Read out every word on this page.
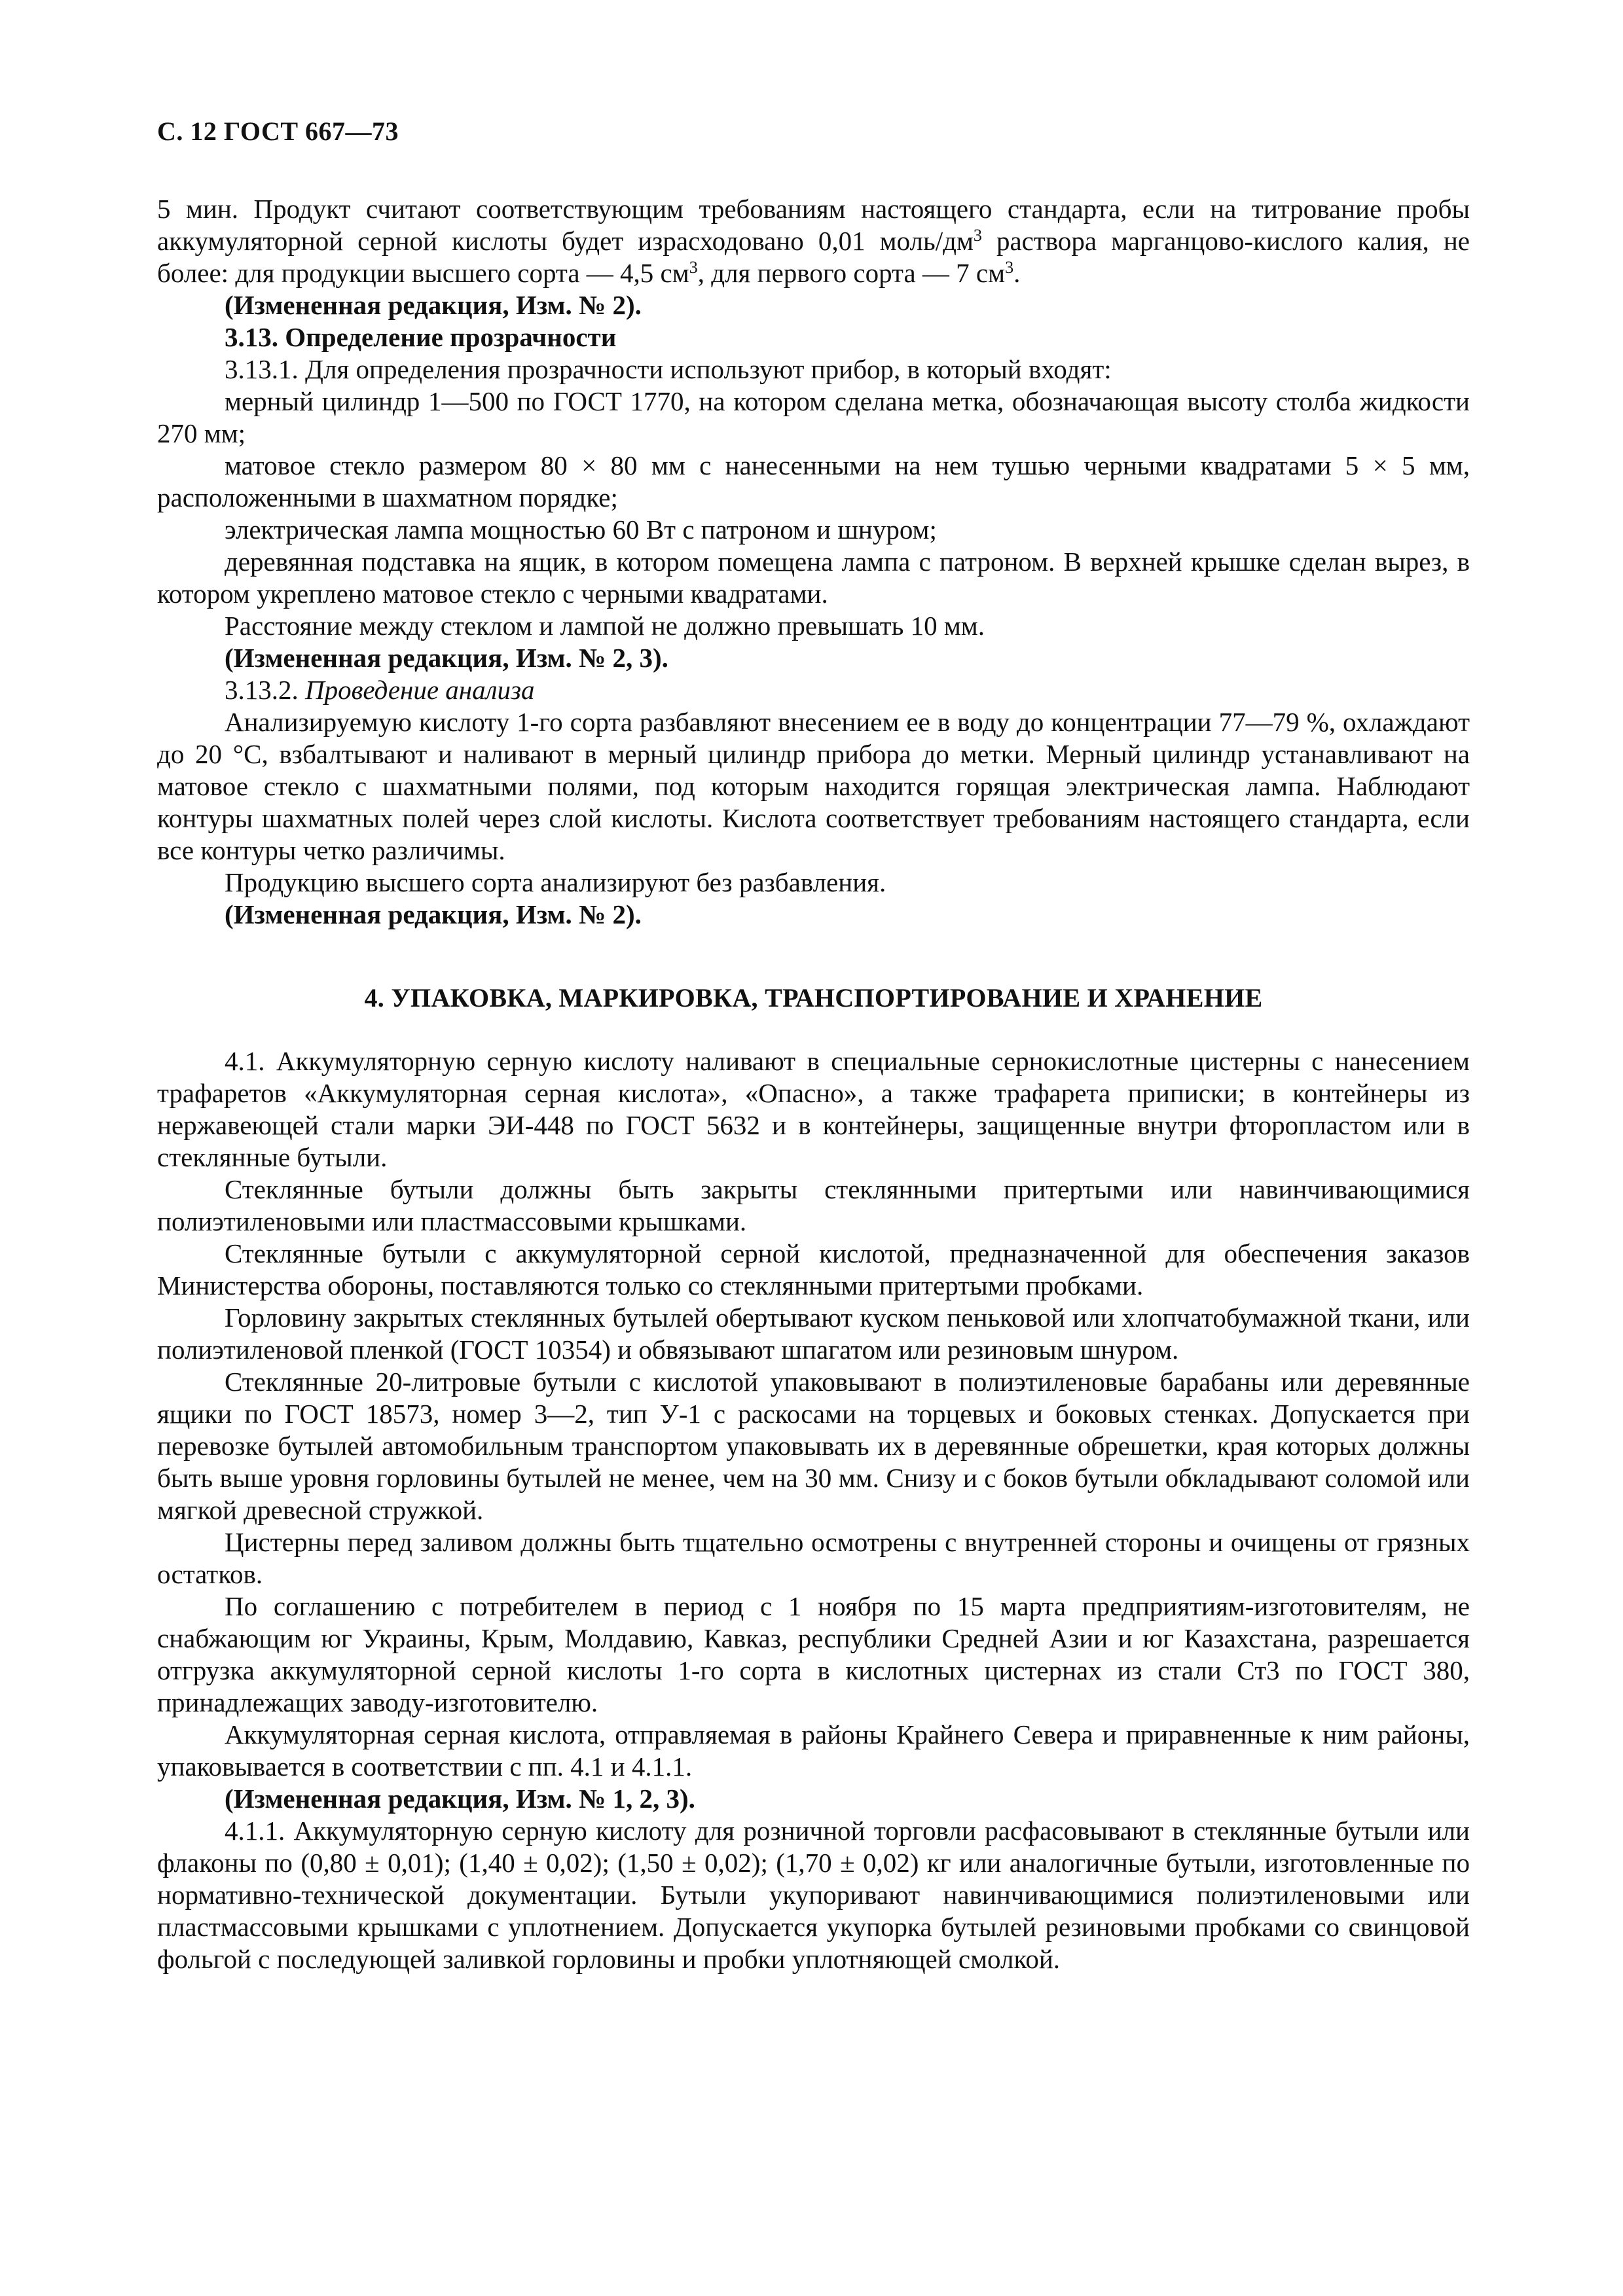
С. 12 ГОСТ 667—73

5 мин. Продукт считают соответствующим требованиям настоящего стандарта, если на титрование пробы аккумуляторной серной кислоты будет израсходовано 0,01 моль/$дм^3$ раствора марганцово-кислого калия, не более: для продукции высшего сорта — 4,5 $см^3$, для первого сорта — 7 $см^3$.

(Измененная редакция, Изм. № 2).

3.13. Определение прозрачности

3.13.1. Для определения прозрачности используют прибор, в который входят:

мерный цилиндр 1—500 по ГОСТ 1770, на котором сделана метка, обозначающая высоту столба жидкости 270 мм;

матовое стекло размером 80 × 80 мм с нанесенными на нем тушью черными квадратами 5 × 5 мм, расположенными в шахматном порядке;

электрическая лампа мощностью 60 Вт с патроном и шнуром;

деревянная подставка на ящик, в котором помещена лампа с патроном. В верхней крышке сделан вырез, в котором укреплено матовое стекло с черными квадратами.

Расстояние между стеклом и лампой не должно превышать 10 мм.

(Измененная редакция, Изм. № 2, 3).

3.13.2. Проведение анализа

Анализируемую кислоту 1-го сорта разбавляют внесением ее в воду до концентрации 77—79 %, охлаждают до 20 °С, взбалтывают и наливают в мерный цилиндр прибора до метки. Мерный цилиндр устанавливают на матовое стекло с шахматными полями, под которым находится горящая электрическая лампа. Наблюдают контуры шахматных полей через слой кислоты. Кислота соответствует требованиям настоящего стандарта, если все контуры четко различимы.

Продукцию высшего сорта анализируют без разбавления.

(Измененная редакция, Изм. № 2).

4. УПАКОВКА, МАРКИРОВКА, ТРАНСПОРТИРОВАНИЕ И ХРАНЕНИЕ

4.1. Аккумуляторную серную кислоту наливают в специальные сернокислотные цистерны с нанесением трафаретов «Аккумуляторная серная кислота», «Опасно», а также трафарета приписки; в контейнеры из нержавеющей стали марки ЭИ-448 по ГОСТ 5632 и в контейнеры, защищенные внутри фторопластом или в стеклянные бутыли.

Стеклянные бутыли должны быть закрыты стеклянными притертыми или навинчивающимися полиэтиленовыми или пластмассовыми крышками.

Стеклянные бутыли с аккумуляторной серной кислотой, предназначенной для обеспечения заказов Министерства обороны, поставляются только со стеклянными притертыми пробками.

Горловину закрытых стеклянных бутылей обертывают куском пеньковой или хлопчатобумажной ткани, или полиэтиленовой пленкой (ГОСТ 10354) и обвязывают шпагатом или резиновым шнуром.

Стеклянные 20-литровые бутыли с кислотой упаковывают в полиэтиленовые барабаны или деревянные ящики по ГОСТ 18573, номер 3—2, тип У-1 с раскосами на торцевых и боковых стенках. Допускается при перевозке бутылей автомобильным транспортом упаковывать их в деревянные обрешетки, края которых должны быть выше уровня горловины бутылей не менее, чем на 30 мм. Снизу и с боков бутыли обкладывают соломой или мягкой древесной стружкой.

Цистерны перед заливом должны быть тщательно осмотрены с внутренней стороны и очищены от грязных остатков.

По соглашению с потребителем в период с 1 ноября по 15 марта предприятиям-изготовителям, не снабжающим юг Украины, Крым, Молдавию, Кавказ, республики Средней Азии и юг Казахстана, разрешается отгрузка аккумуляторной серной кислоты 1-го сорта в кислотных цистернах из стали Ст3 по ГОСТ 380, принадлежащих заводу-изготовителю.

Аккумуляторная серная кислота, отправляемая в районы Крайнего Севера и приравненные к ним районы, упаковывается в соответствии с пп. 4.1 и 4.1.1.

(Измененная редакция, Изм. № 1, 2, 3).

4.1.1. Аккумуляторную серную кислоту для розничной торговли расфасовывают в стеклянные бутыли или флаконы по (0,80 ± 0,01); (1,40 ± 0,02); (1,50 ± 0,02); (1,70 ± 0,02) кг или аналогичные бутыли, изготовленные по нормативно-технической документации. Бутыли укупоривают навинчивающимися полиэтиленовыми или пластмассовыми крышками с уплотнением. Допускается укупорка бутылей резиновыми пробками со свинцовой фольгой с последующей заливкой горловины и пробки уплотняющей смолкой.
